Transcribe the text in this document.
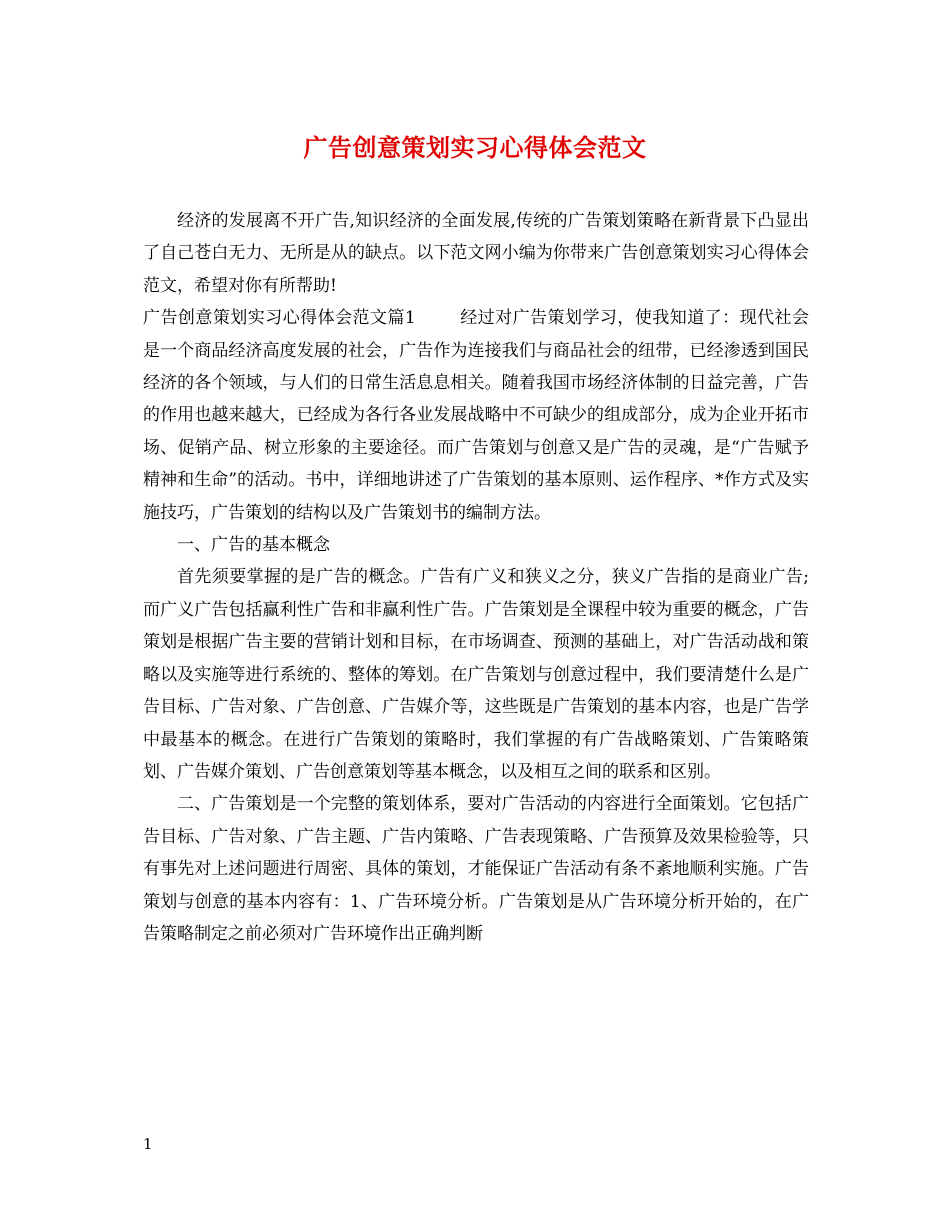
广告创意策划实习心得体会范文

经济的发展离不开广告,知识经济的全面发展,传统的广告策划策略在新背景下凸显出了自己苍白无力、无所是从的缺点。以下范文网小编为你带来广告创意策划实习心得体会范文，希望对你有所帮助!

广告创意策划实习心得体会范文篇1	经过对广告策划学习，使我知道了：现代社会是一个商品经济高度发展的社会，广告作为连接我们与商品社会的纽带，已经渗透到国民经济的各个领域，与人们的日常生活息息相关。随着我国市场经济体制的日益完善，广告的作用也越来越大，已经成为各行各业发展战略中不可缺少的组成部分，成为企业开拓市场、促销产品、树立形象的主要途径。而广告策划与创意又是广告的灵魂，是“广告赋予精神和生命”的活动。书中，详细地讲述了广告策划的基本原则、运作程序、*作方式及实施技巧，广告策划的结构以及广告策划书的编制方法。

一、广告的基本概念

首先须要掌握的是广告的概念。广告有广义和狭义之分，狭义广告指的是商业广告;而广义广告包括赢利性广告和非赢利性广告。广告策划是全课程中较为重要的概念，广告策划是根据广告主要的营销计划和目标，在市场调查、预测的基础上，对广告活动战和策略以及实施等进行系统的、整体的筹划。在广告策划与创意过程中，我们要清楚什么是广告目标、广告对象、广告创意、广告媒介等，这些既是广告策划的基本内容，也是广告学中最基本的概念。在进行广告策划的策略时，我们掌握的有广告战略策划、广告策略策划、广告媒介策划、广告创意策划等基本概念，以及相互之间的联系和区别。

二、广告策划是一个完整的策划体系，要对广告活动的内容进行全面策划。它包括广告目标、广告对象、广告主题、广告内策略、广告表现策略、广告预算及效果检验等，只有事先对上述问题进行周密、具体的策划，才能保证广告活动有条不紊地顺利实施。广告策划与创意的基本内容有：1、广告环境分析。广告策划是从广告环境分析开始的，在广告策略制定之前必须对广告环境作出正确判断

1
